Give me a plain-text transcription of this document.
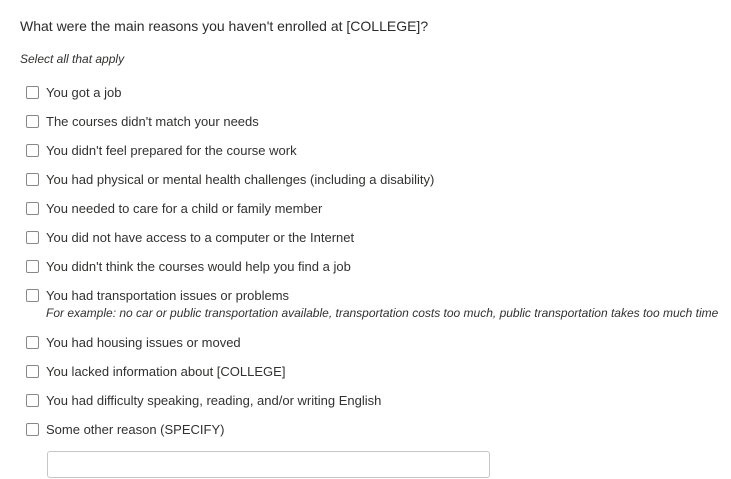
What were the main reasons you haven't enrolled at [COLLEGE]?
Select all that apply
You got a job
The courses didn't match your needs
You didn't feel prepared for the course work
You had physical or mental health challenges (including a disability)
You needed to care for a child or family member
You did not have access to a computer or the Internet
You didn't think the courses would help you find a job
You had transportation issues or problems
For example: no car or public transportation available, transportation costs too much, public transportation takes too much time
You had housing issues or moved
You lacked information about [COLLEGE]
You had difficulty speaking, reading, and/or writing English
Some other reason (SPECIFY)
